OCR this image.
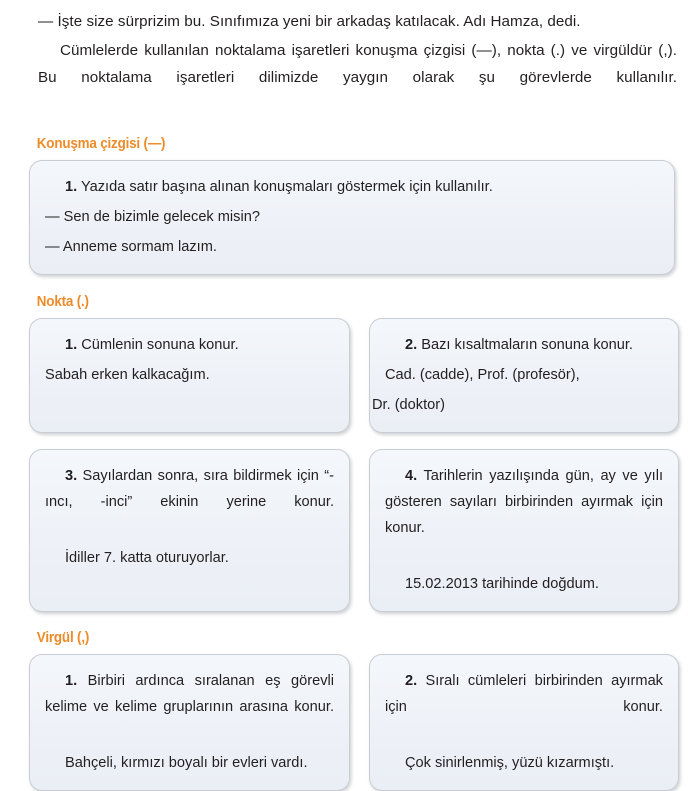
— İşte size sürprizim bu. Sınıfımıza yeni bir arkadaş katılacak. Adı Hamza, dedi.

Cümlelerde kullanılan noktalama işaretleri konuşma çizgisi (—), nokta (.) ve virgüldür (,). Bu noktalama işaretleri dilimizde yaygın olarak şu görevlerde kullanılır.

Konuşma çizgisi (—)

1. Yazıda satır başına alınan konuşmaları göstermek için kullanılır.

— Sen de bizimle gelecek misin?

— Anneme sormam lazım.

Nokta (.)

1. Cümlenin sonuna konur.

Sabah erken kalkacağım.

2. Bazı kısaltmaların sonuna konur.

Cad. (cadde), Prof. (profesör),

Dr. (doktor)

3. Sayılardan sonra, sıra bildirmek için “-ıncı, -inci” ekinin yerine konur.

İdiller 7. katta oturuyorlar.

4. Tarihlerin yazılışında gün, ay ve yılı gösteren sayıları birbirinden ayırmak için konur.

15.02.2013 tarihinde doğdum.

Virgül (,)

1. Birbiri ardınca sıralanan eş görevli kelime ve kelime gruplarının arasına konur.

Bahçeli, kırmızı boyalı bir evleri vardı.

2. Sıralı cümleleri birbirinden ayırmak için konur.

Çok sinirlenmiş, yüzü kızarmıştı.
